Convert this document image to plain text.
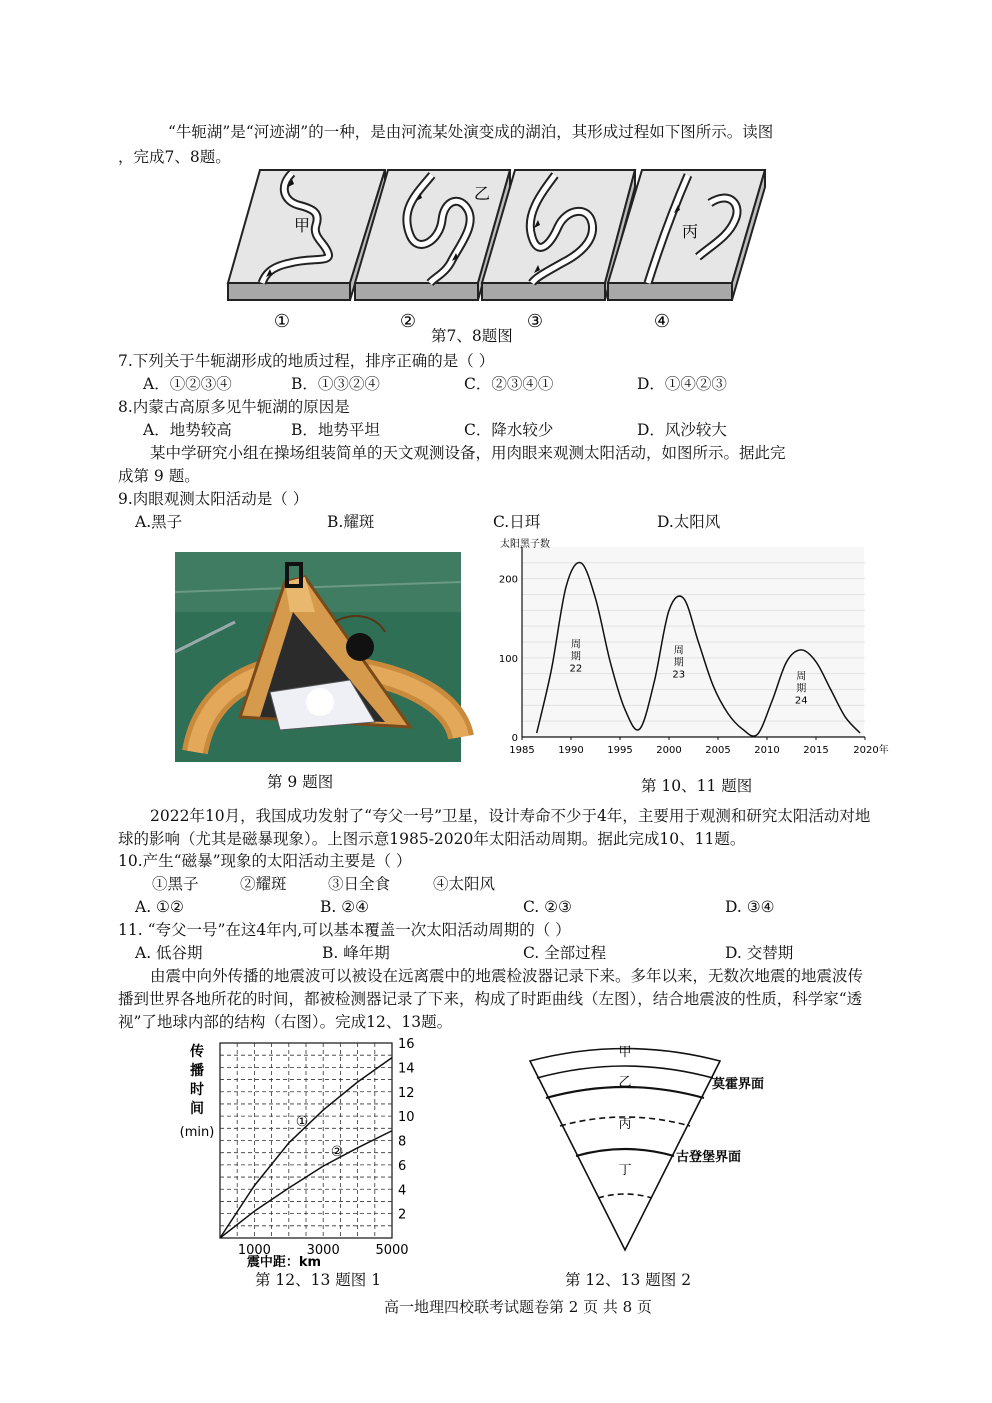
“牛轭湖”是“河迹湖”的一种，是由河流某处演变成的湖泊，其形成过程如下图所示。读图
，完成7、8题。
甲
乙
丙
①	②	③	④
第7、8题图
7.下列关于牛轭湖形成的地质过程，排序正确的是（ ）
A．①②③④	B．①③②④	C．②③④①	D．①④②③
8.内蒙古高原多见牛轭湖的原因是
A．地势较高	B．地势平坦	C．降水较少	D．风沙较大
某中学研究小组在操场组装简单的天文观测设备，用肉眼来观测太阳活动，如图所示。据此完
成第 9 题。
9.肉眼观测太阳活动是（ ）
A.黑子	B.耀斑	C.日珥	D.太阳风
第 9 题图
太阳黑子数
0
100
200
1985 1990 1995 2000 2005 2010 2015 2020年
周
期
22
周
期
23	周
期
24
第 10、11 题图
2022年10月，我国成功发射了“夸父一号”卫星，设计寿命不少于4年，主要用于观测和研究太阳活动对地球的影响（尤其是磁暴现象）。上图示意1985-2020年太阳活动周期。据此完成10、11题。
10.产生“磁暴”现象的太阳活动主要是（ ）
①黑子	②耀斑	③日全食	④太阳风
A. ①②	B. ②④	C. ②③	D. ③④
11. “夸父一号”在这4年内,可以基本覆盖一次太阳活动周期的（ ）
A. 低谷期	B. 峰年期	C. 全部过程	D. 交替期
由震中向外传播的地震波可以被设在远离震中的地震检波器记录下来。多年以来，无数次地震的地震波传播到世界各地所花的时间，都被检测器记录了下来，构成了时距曲线（左图），结合地震波的性质，科学家“透视”了地球内部的结构（右图）。完成12、13题。
传
播
时
间
(min)
2
4
6
8
10
12
14
16
1000	3000	5000
①
②
震中距：km
第 12、13 题图 1
甲
乙
丙
丁
莫霍界面
古登堡界面
第 12、13 题图 2
高一地理四校联考试题卷第 2 页 共 8 页
